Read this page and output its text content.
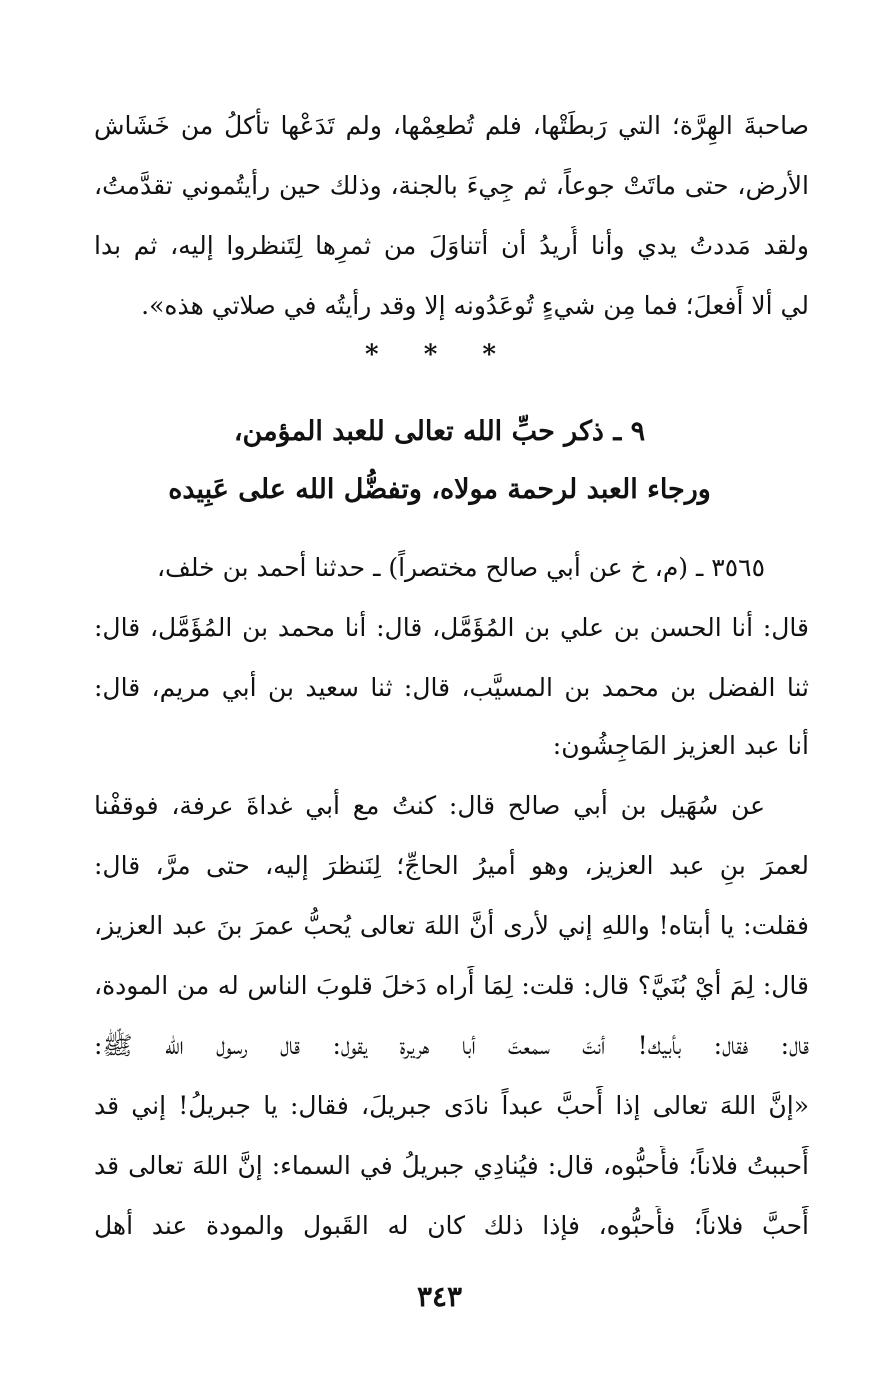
صاحبةَ الهِرَّة؛ التي رَبطَتْها، فلم تُطعِمْها، ولم تَدَعْها تأكلُ من خَشَاش
الأرض، حتى ماتَتْ جوعاً، ثم جِيءَ بالجنة، وذلك حين رأيتُموني تقدَّمتُ،
ولقد مَددتُ يدي وأنا أُريدُ أن أتناوَلَ من ثمرِها لِتَنظروا إليه، ثم بدا
لي ألا أَفعلَ؛ فما مِن شيءٍ تُوعَدُونه إلا وقد رأيتُه في صلاتي هذه».
* * *
٩ ـ ذكر حبِّ الله تعالى للعبد المؤمن،
ورجاء العبد لرحمة مولاه، وتفضُّل الله على عَبِيده
٣٥٦٥ ـ (م، خ عن أبي صالح مختصراً) ـ حدثنا أحمد بن خلف،
قال: أنا الحسن بن علي بن المُؤَمَّل، قال: أنا محمد بن المُؤَمَّل، قال:
ثنا الفضل بن محمد بن المسيَّب، قال: ثنا سعيد بن أبي مريم، قال:
أنا عبد العزيز المَاجِشُون:
عن سُهَيل بن أبي صالح قال: كنتُ مع أبي غداةَ عرفة، فوقفْنا
لعمرَ بنِ عبد العزيز، وهو أميرُ الحاجِّ؛ لِنَنظرَ إليه، حتى مرَّ، قال:
فقلت: يا أبتاه! واللهِ إني لأرى أنَّ اللهَ تعالى يُحبُّ عمرَ بنَ عبد العزيز،
قال: لِمَ أيْ بُنَيَّ؟ قال: قلت: لِمَا أَراه دَخلَ قلوبَ الناس له من المودة،
قال: فقال: بأبيك! أنتَ سمعتَ أبا هريرة يقول: قال رسول الله ﷺ:
«إنَّ اللهَ تعالى إذا أَحبَّ عبداً نادَى جبريلَ، فقال: يا جبريلُ! إني قد
أَحببتُ فلاناً؛ فأَحبُّوه، قال: فيُنادِي جبريلُ في السماء: إنَّ اللهَ تعالى قد
أَحبَّ فلاناً؛ فأَحبُّوه، فإذا ذلك كان له القَبول والمودة عند أهل
٣٤٣
